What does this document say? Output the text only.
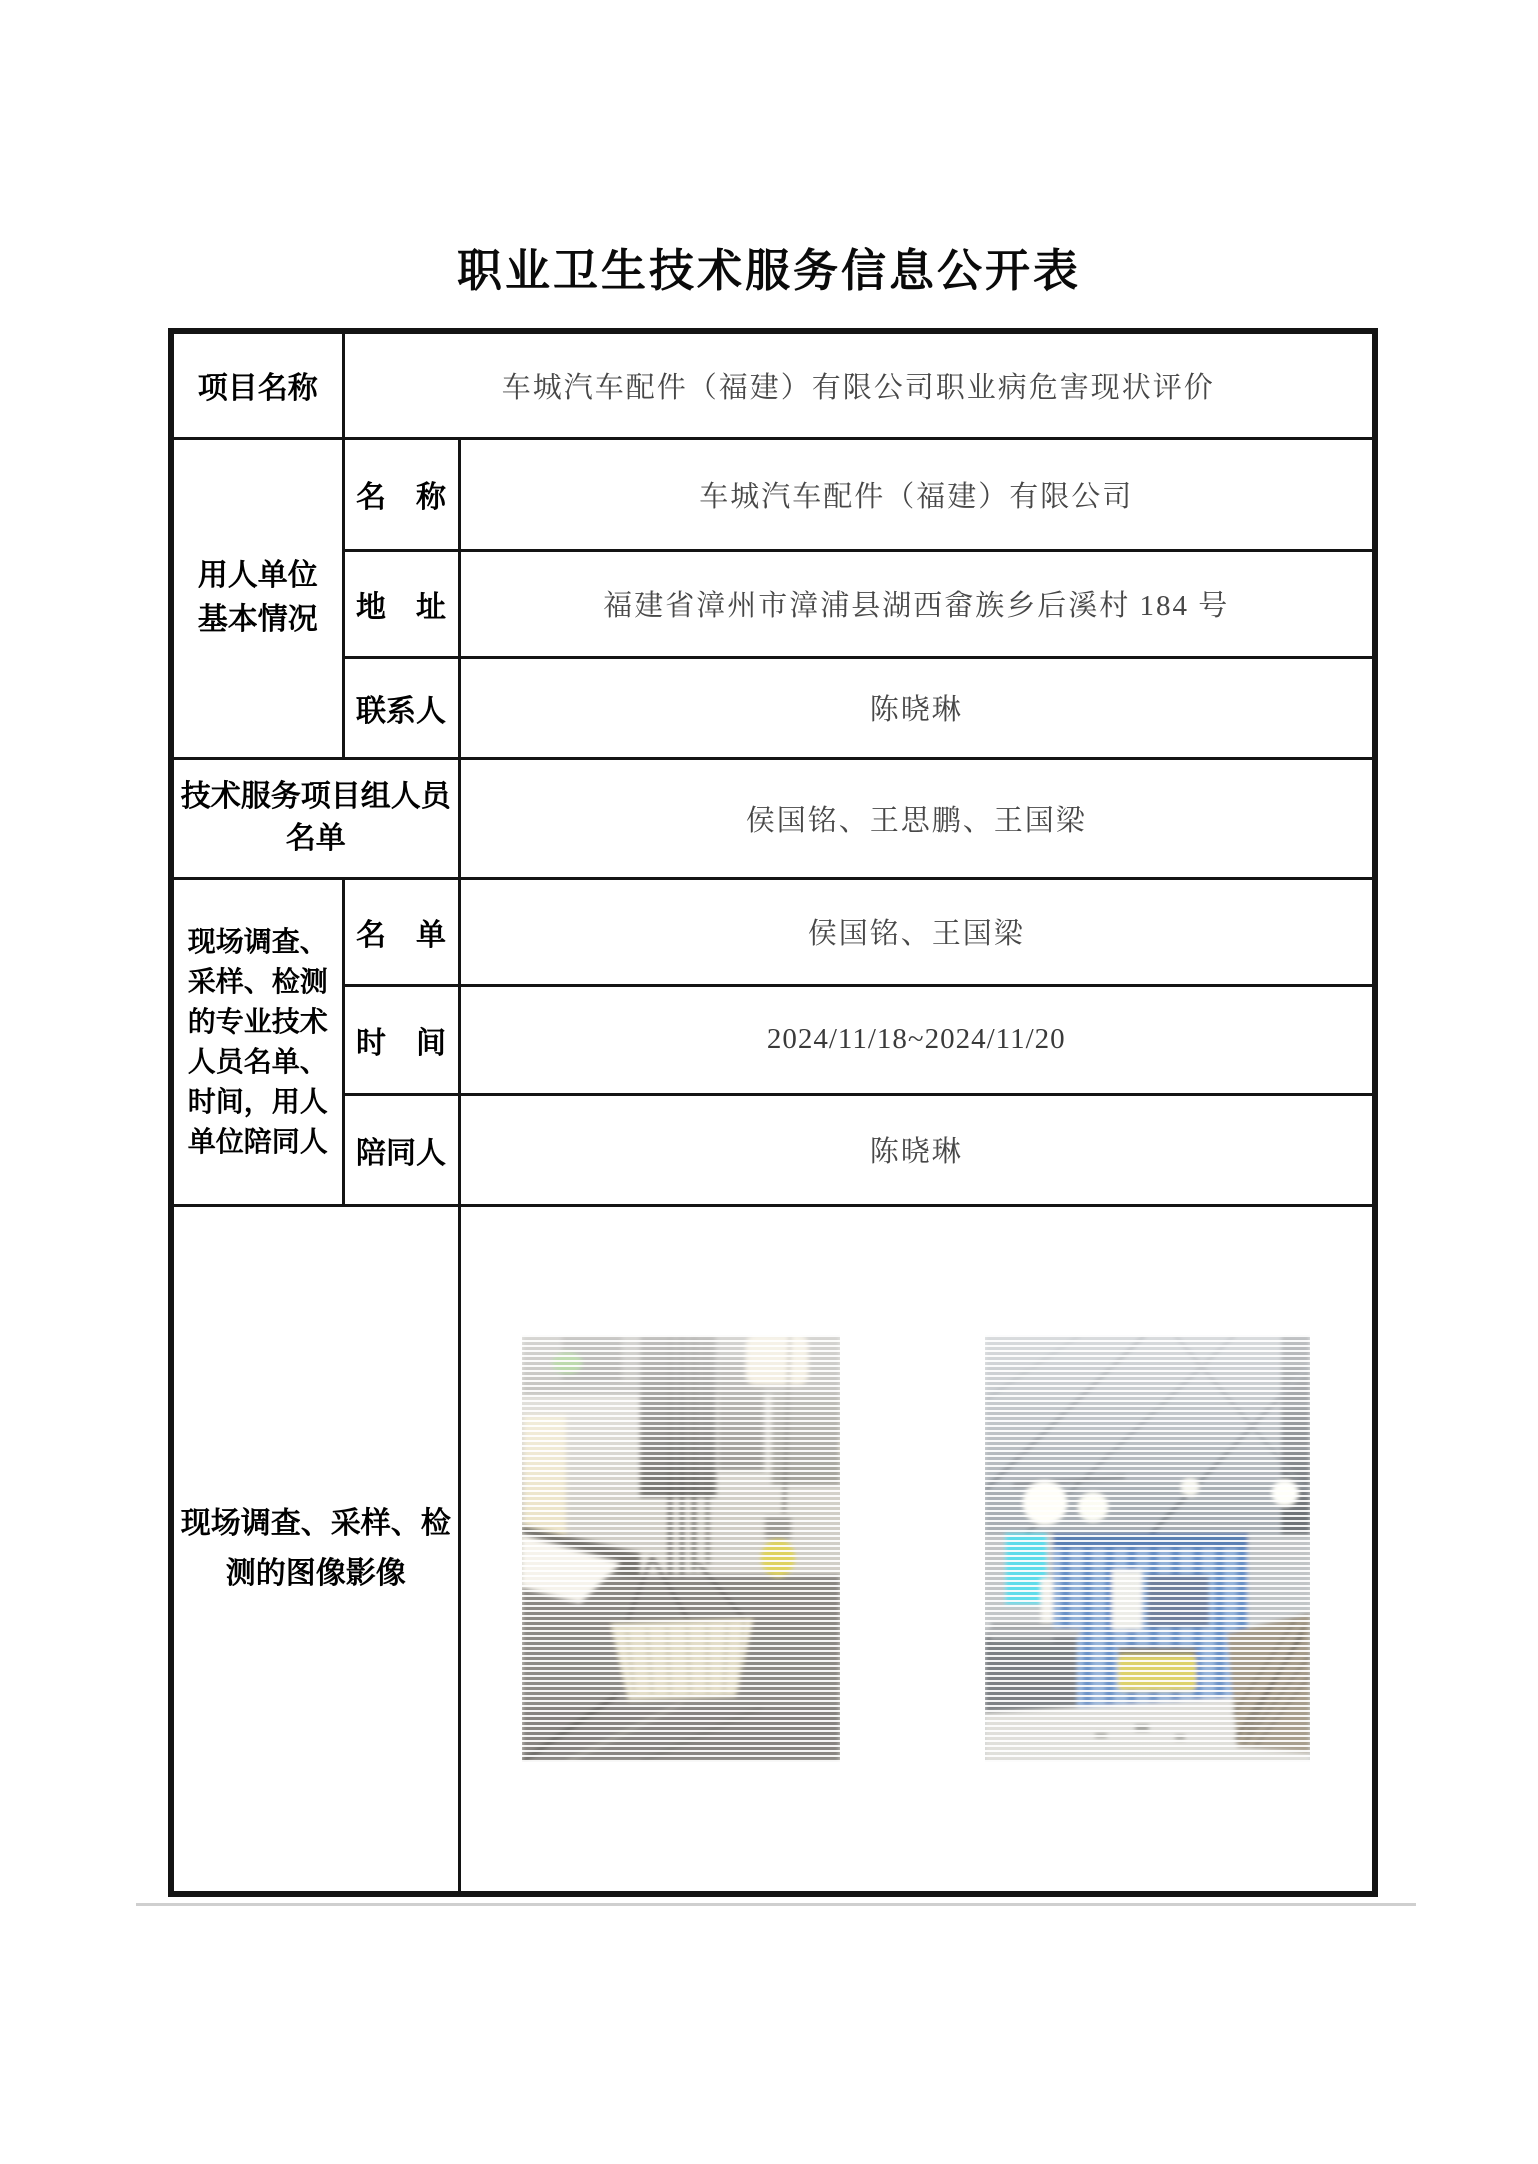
职业卫生技术服务信息公开表
项目名称	车城汽车配件（福建）有限公司职业病危害现状评价	

用人单位
基本情况	名　称	车城汽车配件（福建）有限公司
	地　址	福建省漳州市漳浦县湖西畲族乡后溪村 184 号
	联系人	陈晓琳

技术服务项目组人员
名单		侯国铭、王思鹏、王国梁

现场调查、
采样、检测
的专业技术
人员名单、
时间，用人
单位陪同人
	名　单	侯国铭、王国梁
	时　间	2024/11/18~2024/11/20
	陪同人	陈晓琳

现场调查、采样、检
测的图像影像
